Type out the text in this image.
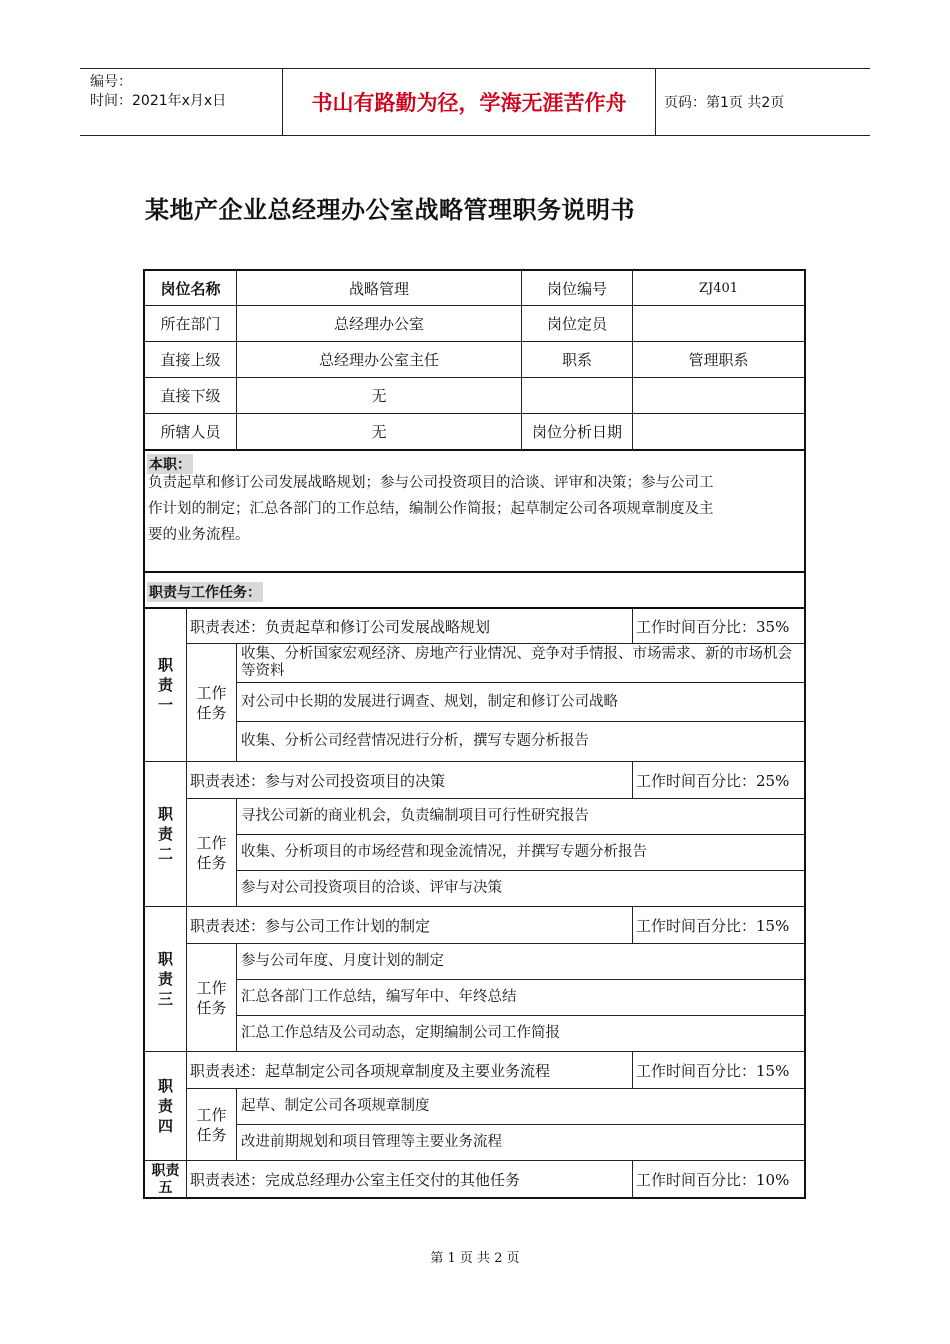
编号：
时间：2021年x月x日	书山有路勤为径，学海无涯苦作舟	页码：第1页 共2页
某地产企业总经理办公室战略管理职务说明书
岗位名称	战略管理	岗位编号	ZJ401
所在部门	总经理办公室	岗位定员
直接上级	总经理办公室主任	职系	管理职系
直接下级	无
所辖人员	无	岗位分析日期
本职：
负责起草和修订公司发展战略规划；参与公司投资项目的洽谈、评审和决策；参与公司工
作计划的制定；汇总各部门的工作总结，编制公作简报；起草制定公司各项规章制度及主
要的业务流程。
职责与工作任务：
职责一
职责表述：负责起草和修订公司发展战略规划	工作时间百分比：35%
工作任务
收集、分析国家宏观经济、房地产行业情况、竞争对手情报、市场需求、新的市场机会等资料
对公司中长期的发展进行调查、规划，制定和修订公司战略
收集、分析公司经营情况进行分析，撰写专题分析报告
职责二
职责表述：参与对公司投资项目的决策	工作时间百分比：25%
工作任务
寻找公司新的商业机会，负责编制项目可行性研究报告
收集、分析项目的市场经营和现金流情况，并撰写专题分析报告
参与对公司投资项目的洽谈、评审与决策
职责三
职责表述：参与公司工作计划的制定	工作时间百分比：15%
工作任务
参与公司年度、月度计划的制定
汇总各部门工作总结，编写年中、年终总结
汇总工作总结及公司动态，定期编制公司工作简报
职责四
职责表述：起草制定公司各项规章制度及主要业务流程	工作时间百分比：15%
工作任务
起草、制定公司各项规章制度
改进前期规划和项目管理等主要业务流程
职责五	职责表述：完成总经理办公室主任交付的其他任务	工作时间百分比：10%
第 1 页 共 2 页
